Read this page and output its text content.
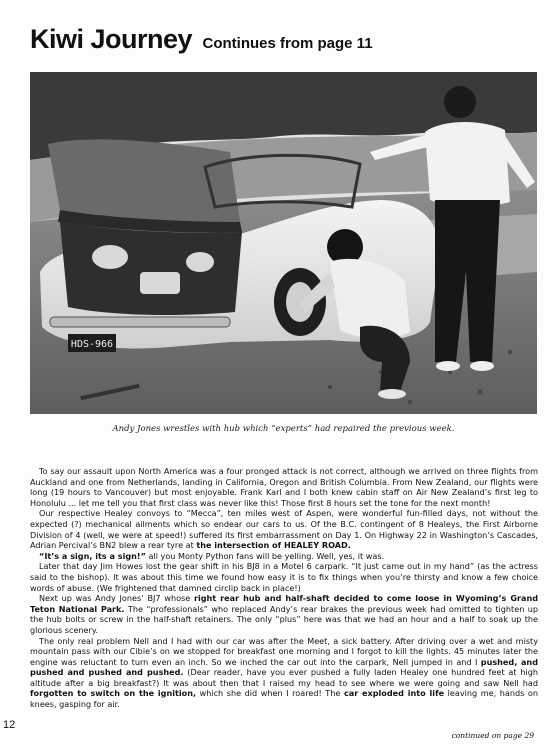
Kiwi Journey Continues from page 11
HDS-966
Andy Jones wrestles with hub which “experts” had repaired the previous week.

To say our assault upon North America was a four pronged attack is not correct, although we arrived on three flights from Auckland and one from Netherlands, landing in California, Oregon and British Columbia. From New Zealand, our flights were long (19 hours to Vancouver) but most enjoyable. Frank Karl and I both knew cabin staff on Air New Zealand’s first leg to Honolulu ... let me tell you that first class was never like this! Those first 8 hours set the tone for the next month!

Our respective Healey convoys to “Mecca”, ten miles west of Aspen, were wonderful fun-filled days, not without the expected (?) mechanical ailments which so endear our cars to us. Of the B.C. contingent of 8 Healeys, the First Airborne Division of 4 (well, we were at speed!) suffered its first embarrassment on Day 1. On Highway 22 in Washington’s Cascades, Adrian Percival’s BN2 blew a rear tyre at the intersection of HEALEY ROAD.

“It’s a sign, its a sign!” all you Monty Python fans will be yelling. Well, yes, it was.

Later that day Jim Howes lost the gear shift in his BJ8 in a Motel 6 carpark. “It just came out in my hand” (as the actress said to the bishop). It was about this time we found how easy it is to fix things when you’re thirsty and know a few choice words of abuse. (We frightened that damned circlip back in place!)

Next up was Andy Jones’ BJ7 whose right rear hub and half-shaft decided to come loose in Wyoming’s Grand Teton National Park. The “professionals” who replaced Andy’s rear brakes the previous week had omitted to tighten up the hub bolts or screw in the half-shaft retainers. The only “plus” here was that we had an hour and a half to soak up the glorious scenery.

The only real problem Nell and I had with our car was after the Meet, a sick battery. After driving over a wet and misty mountain pass with our Cibie’s on we stopped for breakfast one morning and I forgot to kill the lights. 45 minutes later the engine was reluctant to turn even an inch. So we inched the car out into the carpark, Nell jumped in and I pushed, and pushed and pushed and pushed. (Dear reader, have you ever pushed a fully laden Healey one hundred feet at high altitude after a big breakfast?) It was about then that I raised my head to see where we were going and saw Nell had forgotten to switch on the ignition, which she did when I roared! The car exploded into life leaving me, hands on knees, gasping for air.

12
continued on page 29
